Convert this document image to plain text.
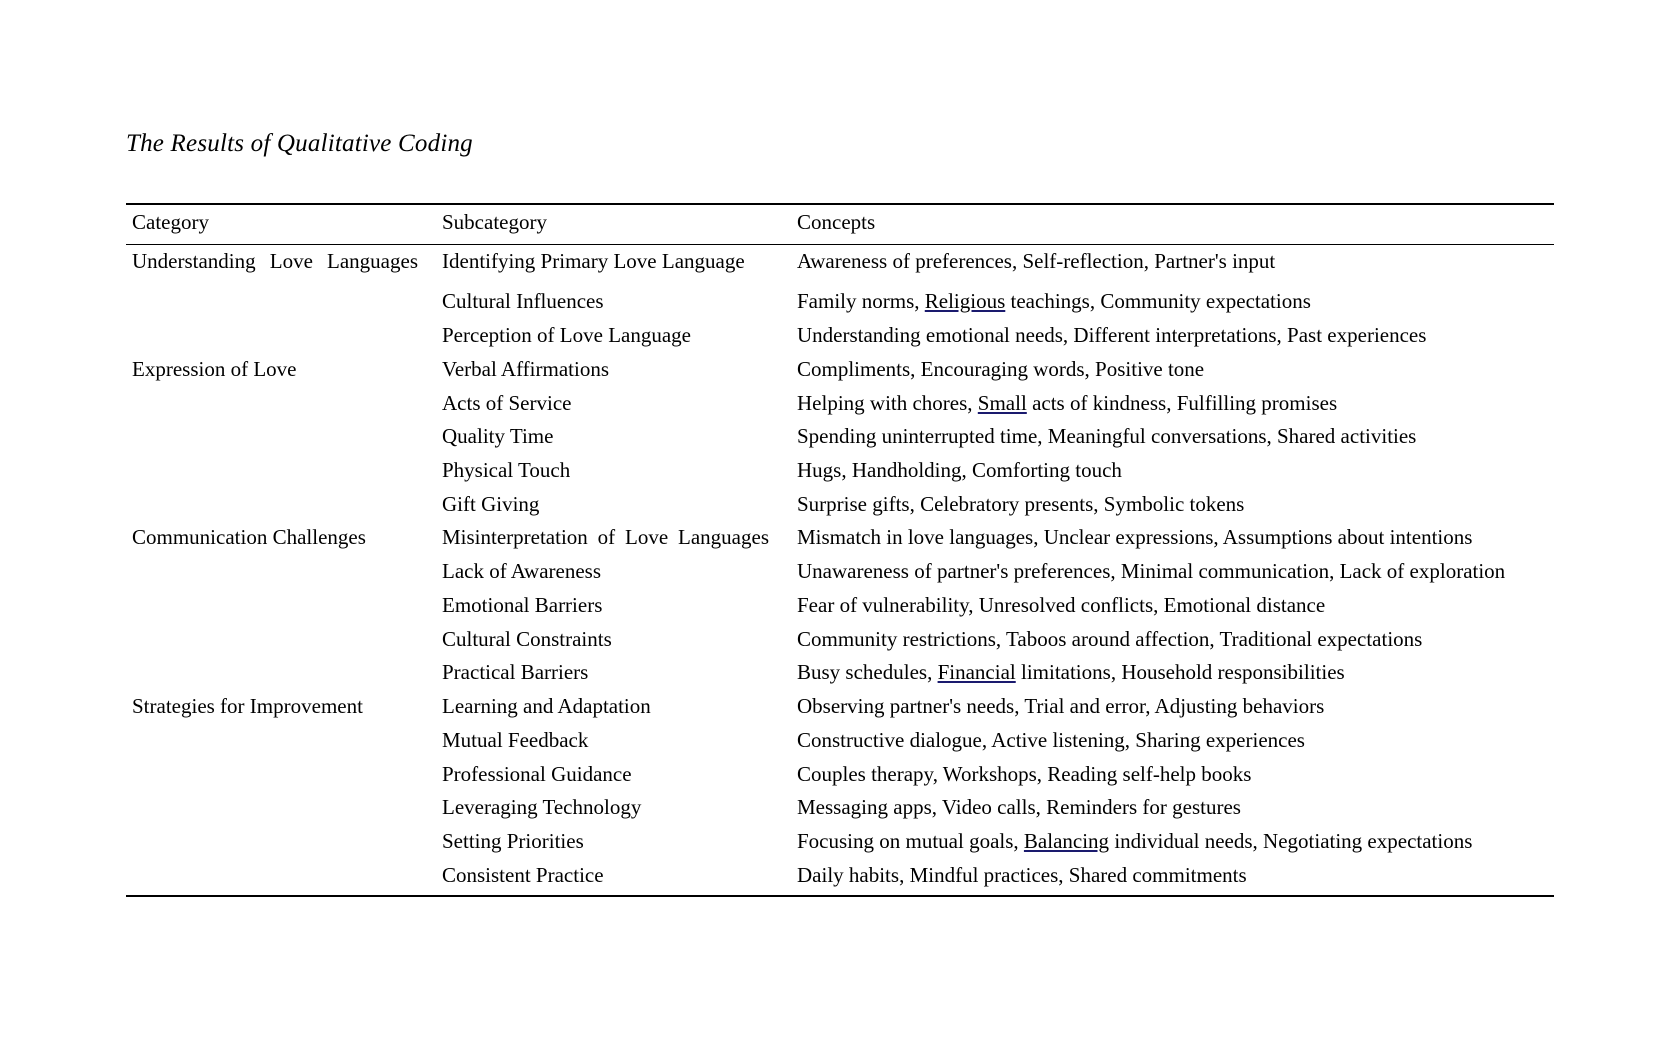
The Results of Qualitative Coding
Category	Subcategory	Concepts
Understanding Love Languages	Identifying Primary Love Language	Awareness of preferences, Self-reflection, Partner's input
	Cultural Influences	Family norms, Religious teachings, Community expectations
	Perception of Love Language	Understanding emotional needs, Different interpretations, Past experiences
Expression of Love	Verbal Affirmations	Compliments, Encouraging words, Positive tone
	Acts of Service	Helping with chores, Small acts of kindness, Fulfilling promises
	Quality Time	Spending uninterrupted time, Meaningful conversations, Shared activities
	Physical Touch	Hugs, Handholding, Comforting touch
	Gift Giving	Surprise gifts, Celebratory presents, Symbolic tokens
Communication Challenges	Misinterpretation of Love Languages	Mismatch in love languages, Unclear expressions, Assumptions about intentions
	Lack of Awareness	Unawareness of partner's preferences, Minimal communication, Lack of exploration
	Emotional Barriers	Fear of vulnerability, Unresolved conflicts, Emotional distance
	Cultural Constraints	Community restrictions, Taboos around affection, Traditional expectations
	Practical Barriers	Busy schedules, Financial limitations, Household responsibilities
Strategies for Improvement	Learning and Adaptation	Observing partner's needs, Trial and error, Adjusting behaviors
	Mutual Feedback	Constructive dialogue, Active listening, Sharing experiences
	Professional Guidance	Couples therapy, Workshops, Reading self-help books
	Leveraging Technology	Messaging apps, Video calls, Reminders for gestures
	Setting Priorities	Focusing on mutual goals, Balancing individual needs, Negotiating expectations
	Consistent Practice	Daily habits, Mindful practices, Shared commitments
